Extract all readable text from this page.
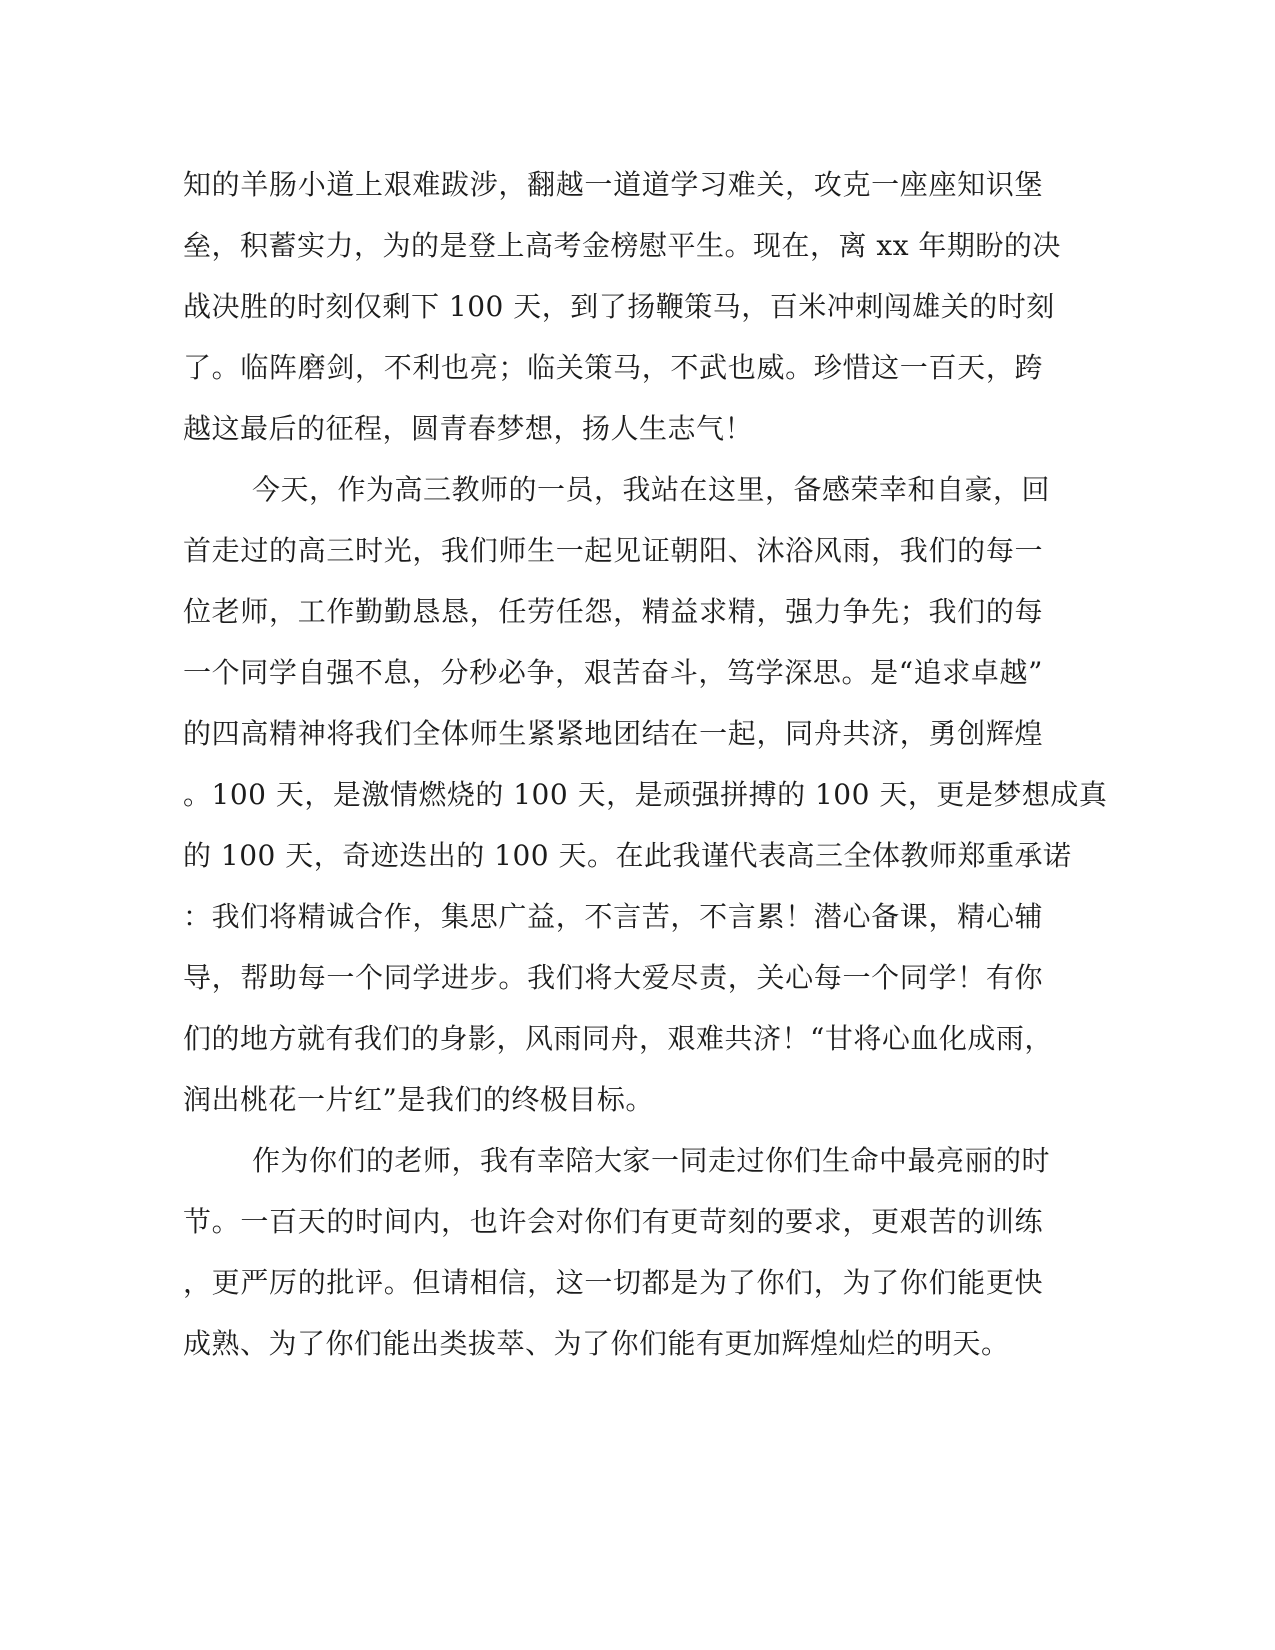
知的羊肠小道上艰难跋涉，翻越一道道学习难关，攻克一座座知识堡
垒，积蓄实力，为的是登上高考金榜慰平生。现在，离 xx 年期盼的决
战决胜的时刻仅剩下 100 天，到了扬鞭策马，百米冲刺闯雄关的时刻
了。临阵磨剑，不利也亮；临关策马，不武也威。珍惜这一百天，跨
越这最后的征程，圆青春梦想，扬人生志气！
今天，作为高三教师的一员，我站在这里，备感荣幸和自豪，回
首走过的高三时光，我们师生一起见证朝阳、沐浴风雨，我们的每一
位老师，工作勤勤恳恳，任劳任怨，精益求精，强力争先；我们的每
一个同学自强不息，分秒必争，艰苦奋斗，笃学深思。是“追求卓越”
的四高精神将我们全体师生紧紧地团结在一起，同舟共济，勇创辉煌
。100 天，是激情燃烧的 100 天，是顽强拼搏的 100 天，更是梦想成真
的 100 天，奇迹迭出的 100 天。在此我谨代表高三全体教师郑重承诺
：我们将精诚合作，集思广益，不言苦，不言累！潜心备课，精心辅
导，帮助每一个同学进步。我们将大爱尽责，关心每一个同学！有你
们的地方就有我们的身影，风雨同舟，艰难共济！“甘将心血化成雨，
润出桃花一片红”是我们的终极目标。
作为你们的老师，我有幸陪大家一同走过你们生命中最亮丽的时
节。一百天的时间内，也许会对你们有更苛刻的要求，更艰苦的训练
，更严厉的批评。但请相信，这一切都是为了你们，为了你们能更快
成熟、为了你们能出类拔萃、为了你们能有更加辉煌灿烂的明天。
